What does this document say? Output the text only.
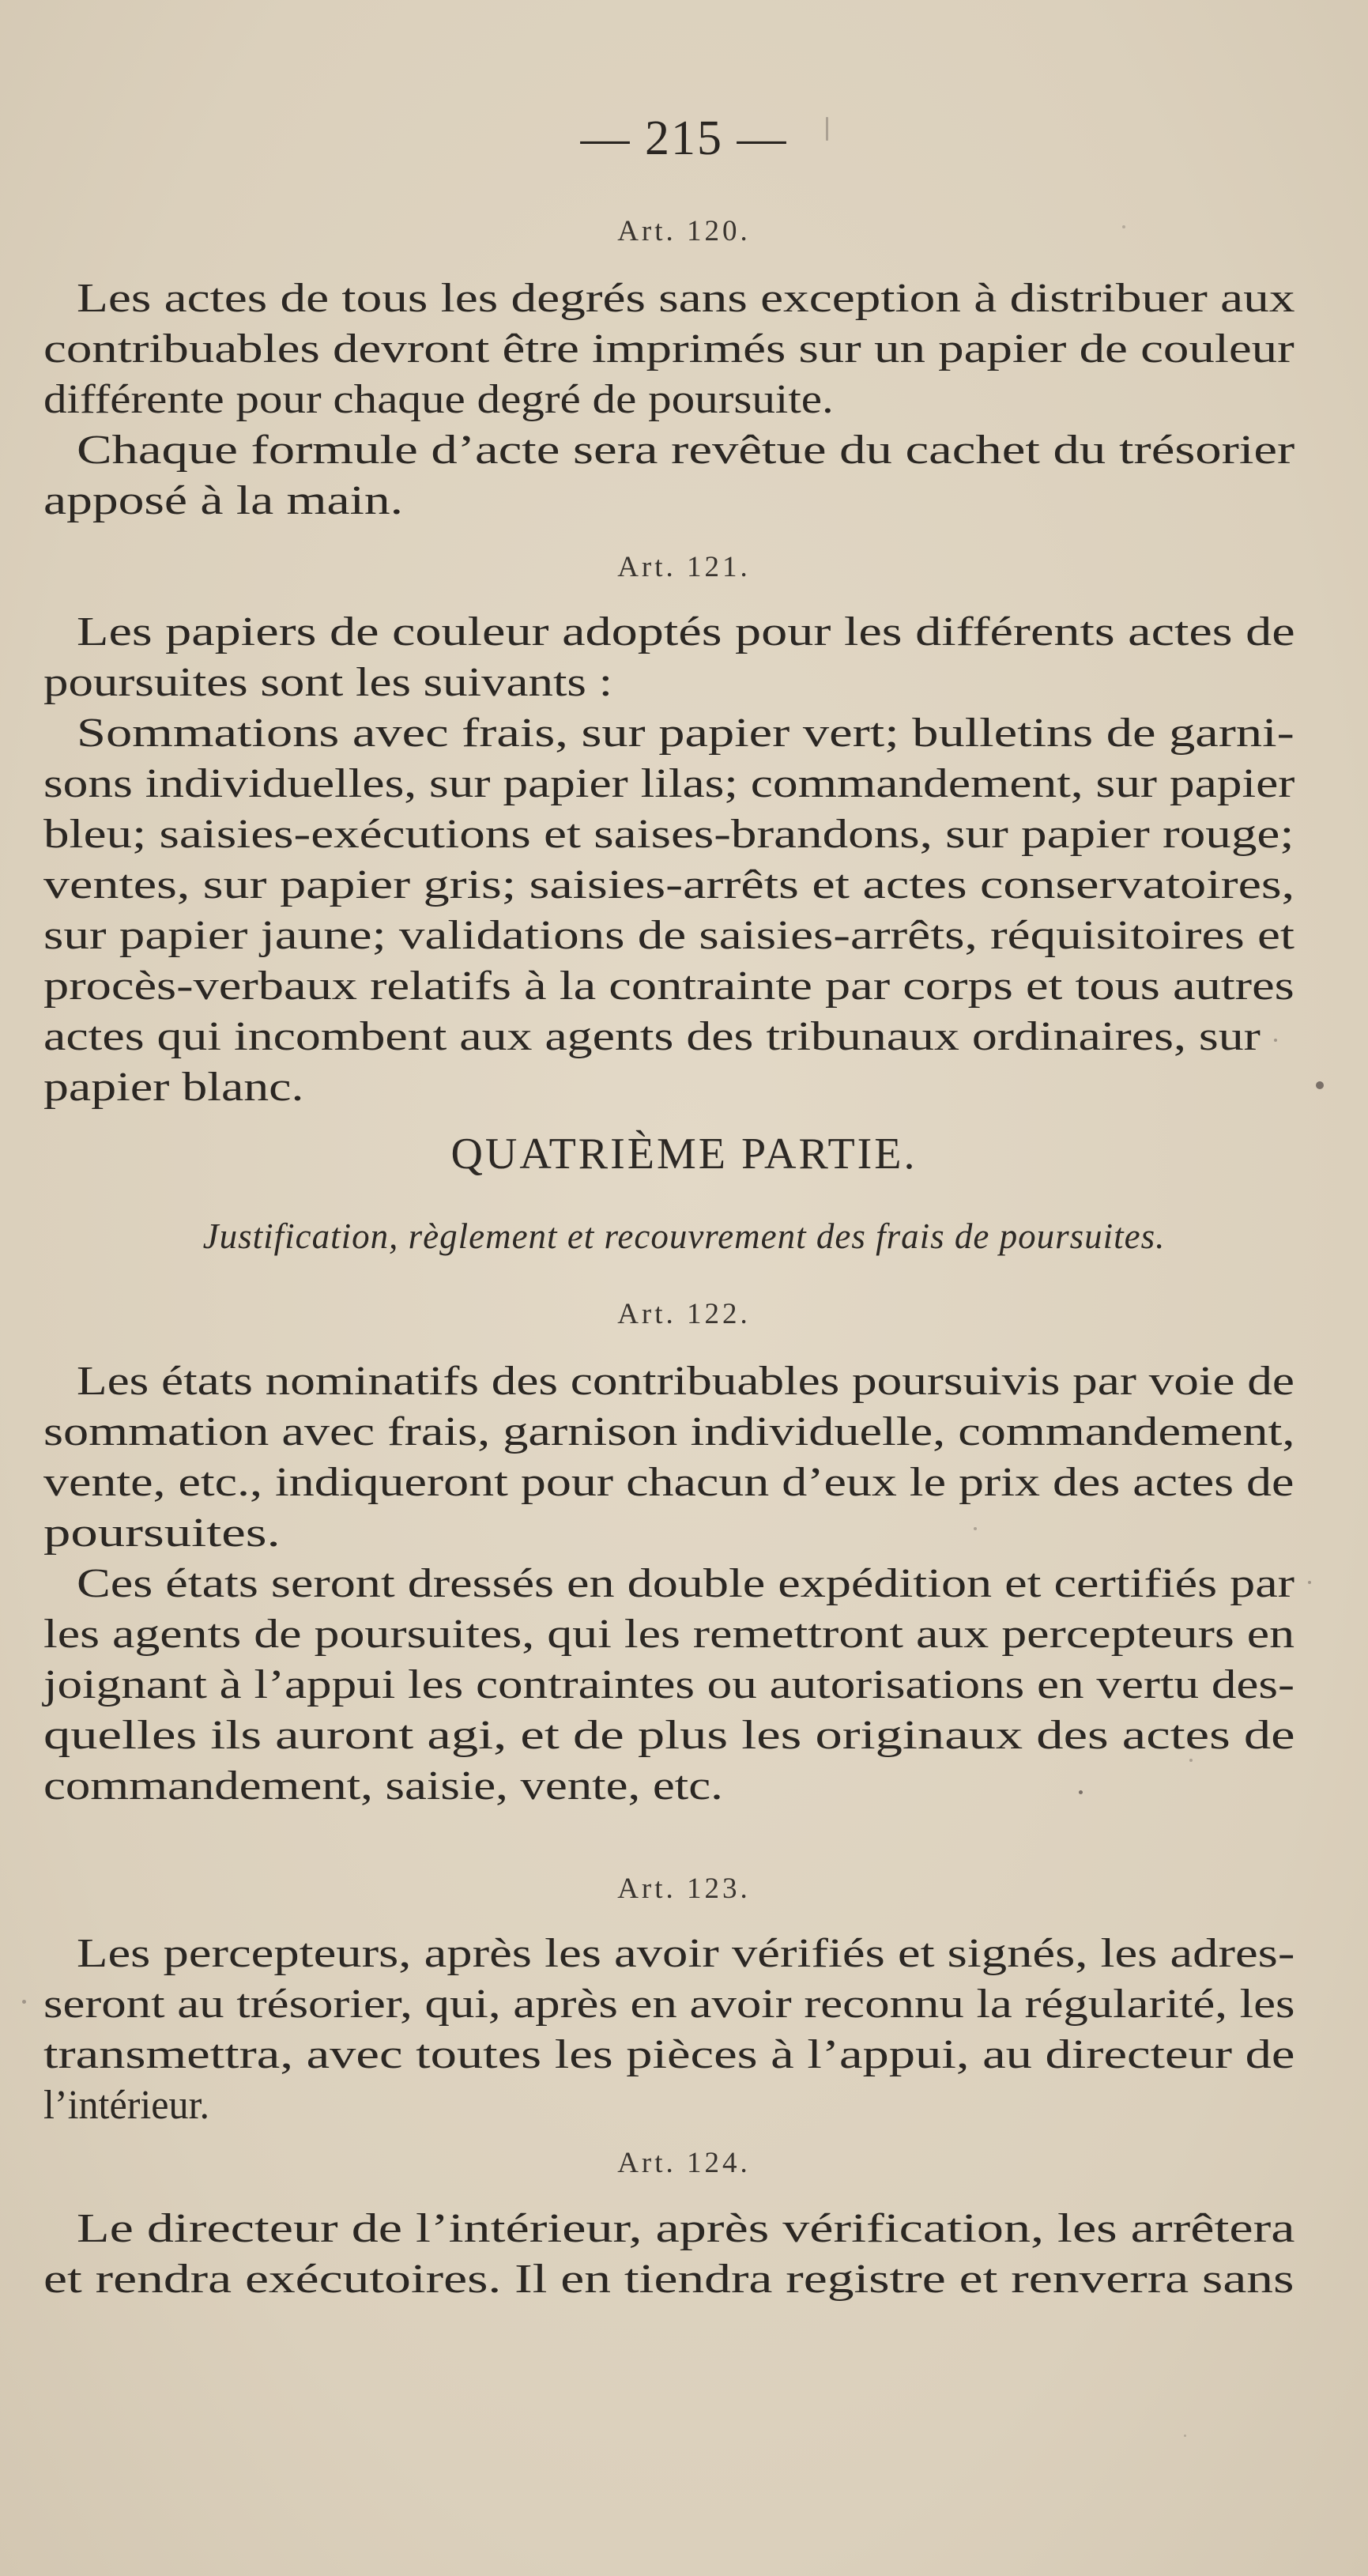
— 215 —
Art. 120.
Les actes de tous les degrés sans exception à distribuer aux
contribuables devront être imprimés sur un papier de couleur
différente pour chaque degré de poursuite.
Chaque formule d’acte sera revêtue du cachet du trésorier
apposé à la main.
Art. 121.
Les papiers de couleur adoptés pour les différents actes de
poursuites sont les suivants :
Sommations avec frais, sur papier vert; bulletins de garni-
sons individuelles, sur papier lilas; commandement, sur papier
bleu; saisies-exécutions et saises-brandons, sur papier rouge;
ventes, sur papier gris; saisies-arrêts et actes conservatoires,
sur papier jaune; validations de saisies-arrêts, réquisitoires et
procès-verbaux relatifs à la contrainte par corps et tous autres
actes qui incombent aux agents des tribunaux ordinaires, sur
papier blanc.
QUATRIÈME PARTIE.
Justification, règlement et recouvrement des frais de poursuites.
Art. 122.
Les états nominatifs des contribuables poursuivis par voie de
sommation avec frais, garnison individuelle, commandement,
vente, etc., indiqueront pour chacun d’eux le prix des actes de
poursuites.
Ces états seront dressés en double expédition et certifiés par
les agents de poursuites, qui les remettront aux percepteurs en
joignant à l’appui les contraintes ou autorisations en vertu des-
quelles ils auront agi, et de plus les originaux des actes de
commandement, saisie, vente, etc.
Art. 123.
Les percepteurs, après les avoir vérifiés et signés, les adres-
seront au trésorier, qui, après en avoir reconnu la régularité, les
transmettra, avec toutes les pièces à l’appui, au directeur de
l’intérieur.
Art. 124.
Le directeur de l’intérieur, après vérification, les arrêtera
et rendra exécutoires. Il en tiendra registre et renverra sans
